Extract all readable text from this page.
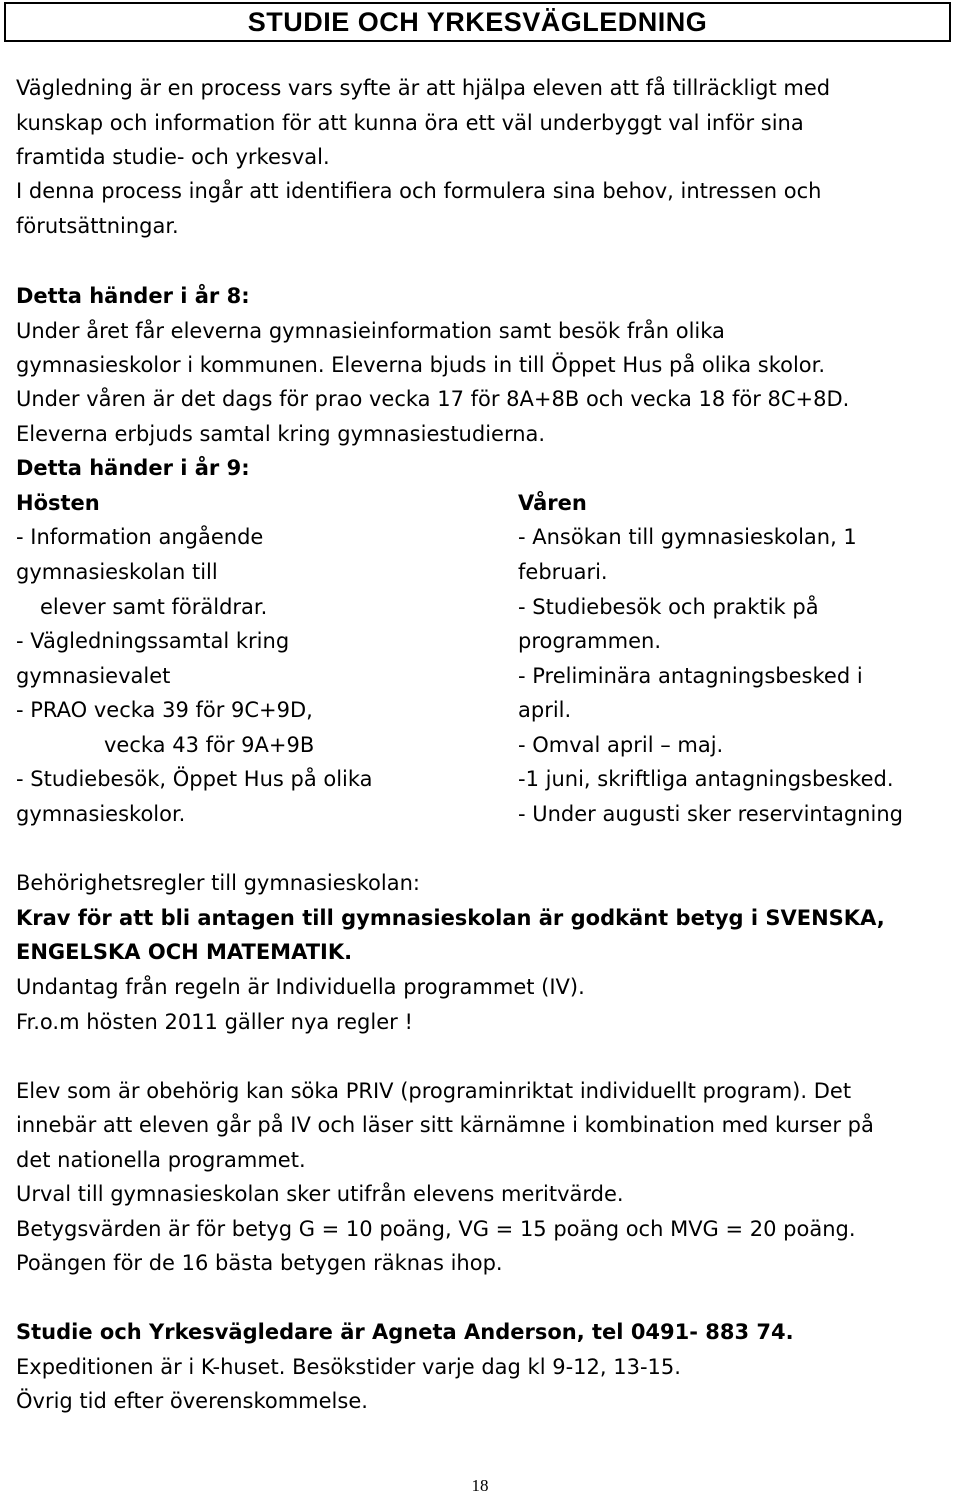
STUDIE OCH YRKESVÄGLEDNING
Vägledning är en process vars syfte är att hjälpa eleven att få tillräckligt med
kunskap och information för att kunna öra ett väl underbyggt val inför sina
framtida studie- och yrkesval.
I denna process ingår att identifiera och formulera sina behov, intressen och
förutsättningar.
Detta händer i år 8:
Under året får eleverna gymnasieinformation samt besök från olika
gymnasieskolor i kommunen. Eleverna bjuds in till Öppet Hus på olika skolor.
Under våren är det dags för prao vecka 17 för 8A+8B och vecka 18 för 8C+8D.
Eleverna erbjuds samtal kring gymnasiestudierna.
Detta händer i år 9:
Hösten	Våren
- Information angående
gymnasieskolan till
elever samt föräldrar.
- Vägledningssamtal kring
gymnasievalet
- PRAO vecka 39 för 9C+9D,
vecka 43 för 9A+9B
- Studiebesök, Öppet Hus på olika
gymnasieskolor.
- Ansökan till gymnasieskolan, 1
februari.
- Studiebesök och praktik på
programmen.
- Preliminära antagningsbesked i
april.
- Omval april – maj.
-1 juni, skriftliga antagningsbesked.
- Under augusti sker reservintagning
Behörighetsregler till gymnasieskolan:
Krav för att bli antagen till gymnasieskolan är godkänt betyg i SVENSKA,
ENGELSKA OCH MATEMATIK.
Undantag från regeln är Individuella programmet (IV).
Fr.o.m hösten 2011 gäller nya regler !
Elev som är obehörig kan söka PRIV (programinriktat individuellt program). Det
innebär att eleven går på IV och läser sitt kärnämne i kombination med kurser på
det nationella programmet.
Urval till gymnasieskolan sker utifrån elevens meritvärde.
Betygsvärden är för betyg G = 10 poäng, VG = 15 poäng och MVG = 20 poäng.
Poängen för de 16 bästa betygen räknas ihop.
Studie och Yrkesvägledare är Agneta Anderson, tel 0491- 883 74.
Expeditionen är i K-huset. Besökstider varje dag kl 9-12, 13-15.
Övrig tid efter överenskommelse.
18
